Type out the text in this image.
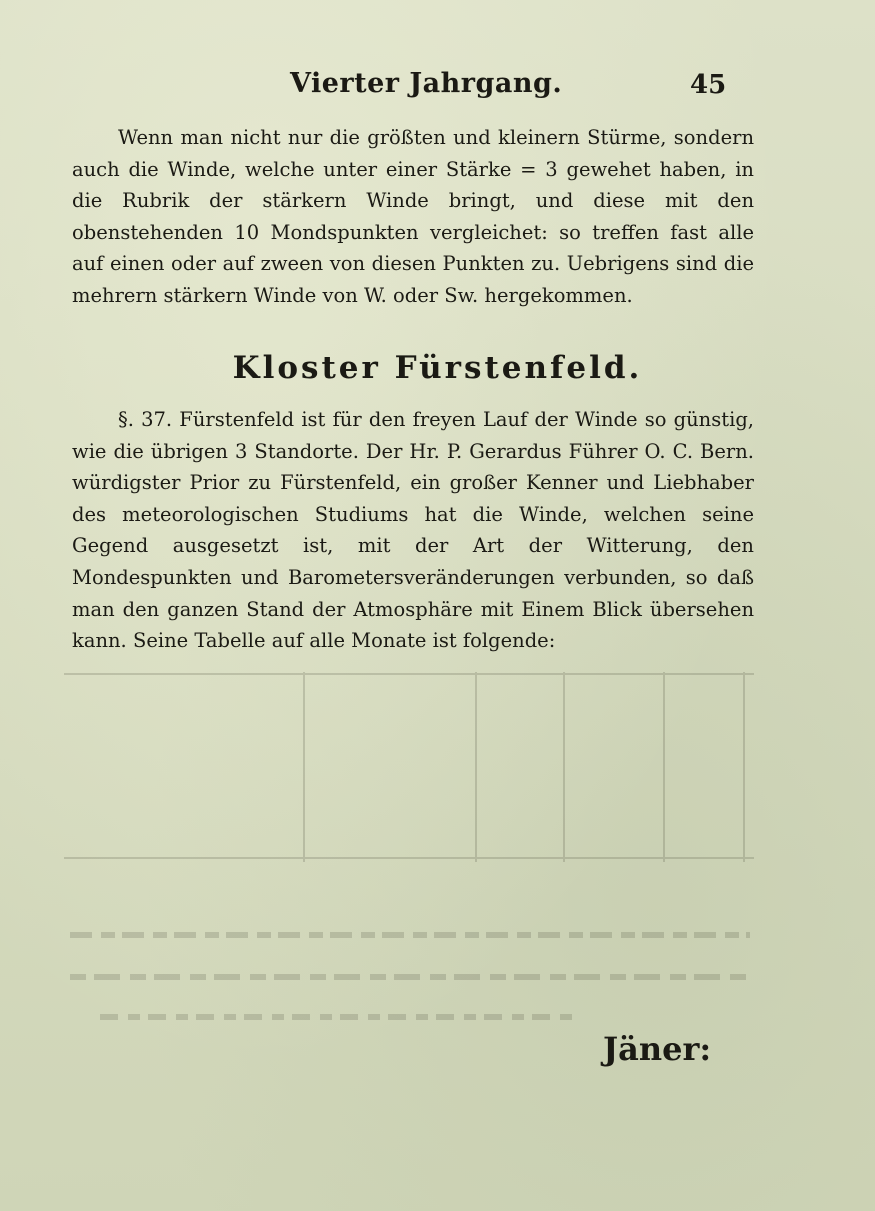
Vierter Jahrgang.	45

Wenn man nicht nur die größten und kleinern Stürme, sondern auch die Winde, welche unter einer Stärke = 3 gewehet haben, in die Rubrik der stärkern Winde bringt, und diese mit den obenstehenden 10 Mondspunkten vergleichet: so treffen fast alle auf einen oder auf zween von diesen Punkten zu. Uebrigens sind die mehrern stärkern Winde von W. oder Sw. hergekommen.

Kloster Fürstenfeld.

§. 37. Fürstenfeld ist für den freyen Lauf der Winde so günstig, wie die übrigen 3 Standorte. Der Hr. P. Gerardus Führer O. C. Bern. würdigster Prior zu Fürstenfeld, ein großer Kenner und Liebhaber des meteorologischen Studiums hat die Winde, welchen seine Gegend ausgesetzt ist, mit der Art der Witterung, den Mondespunkten und Barometersveränderungen verbunden, so daß man den ganzen Stand der Atmosphäre mit Einem Blick übersehen kann. Seine Tabelle auf alle Monate ist folgende:

Jäner:
